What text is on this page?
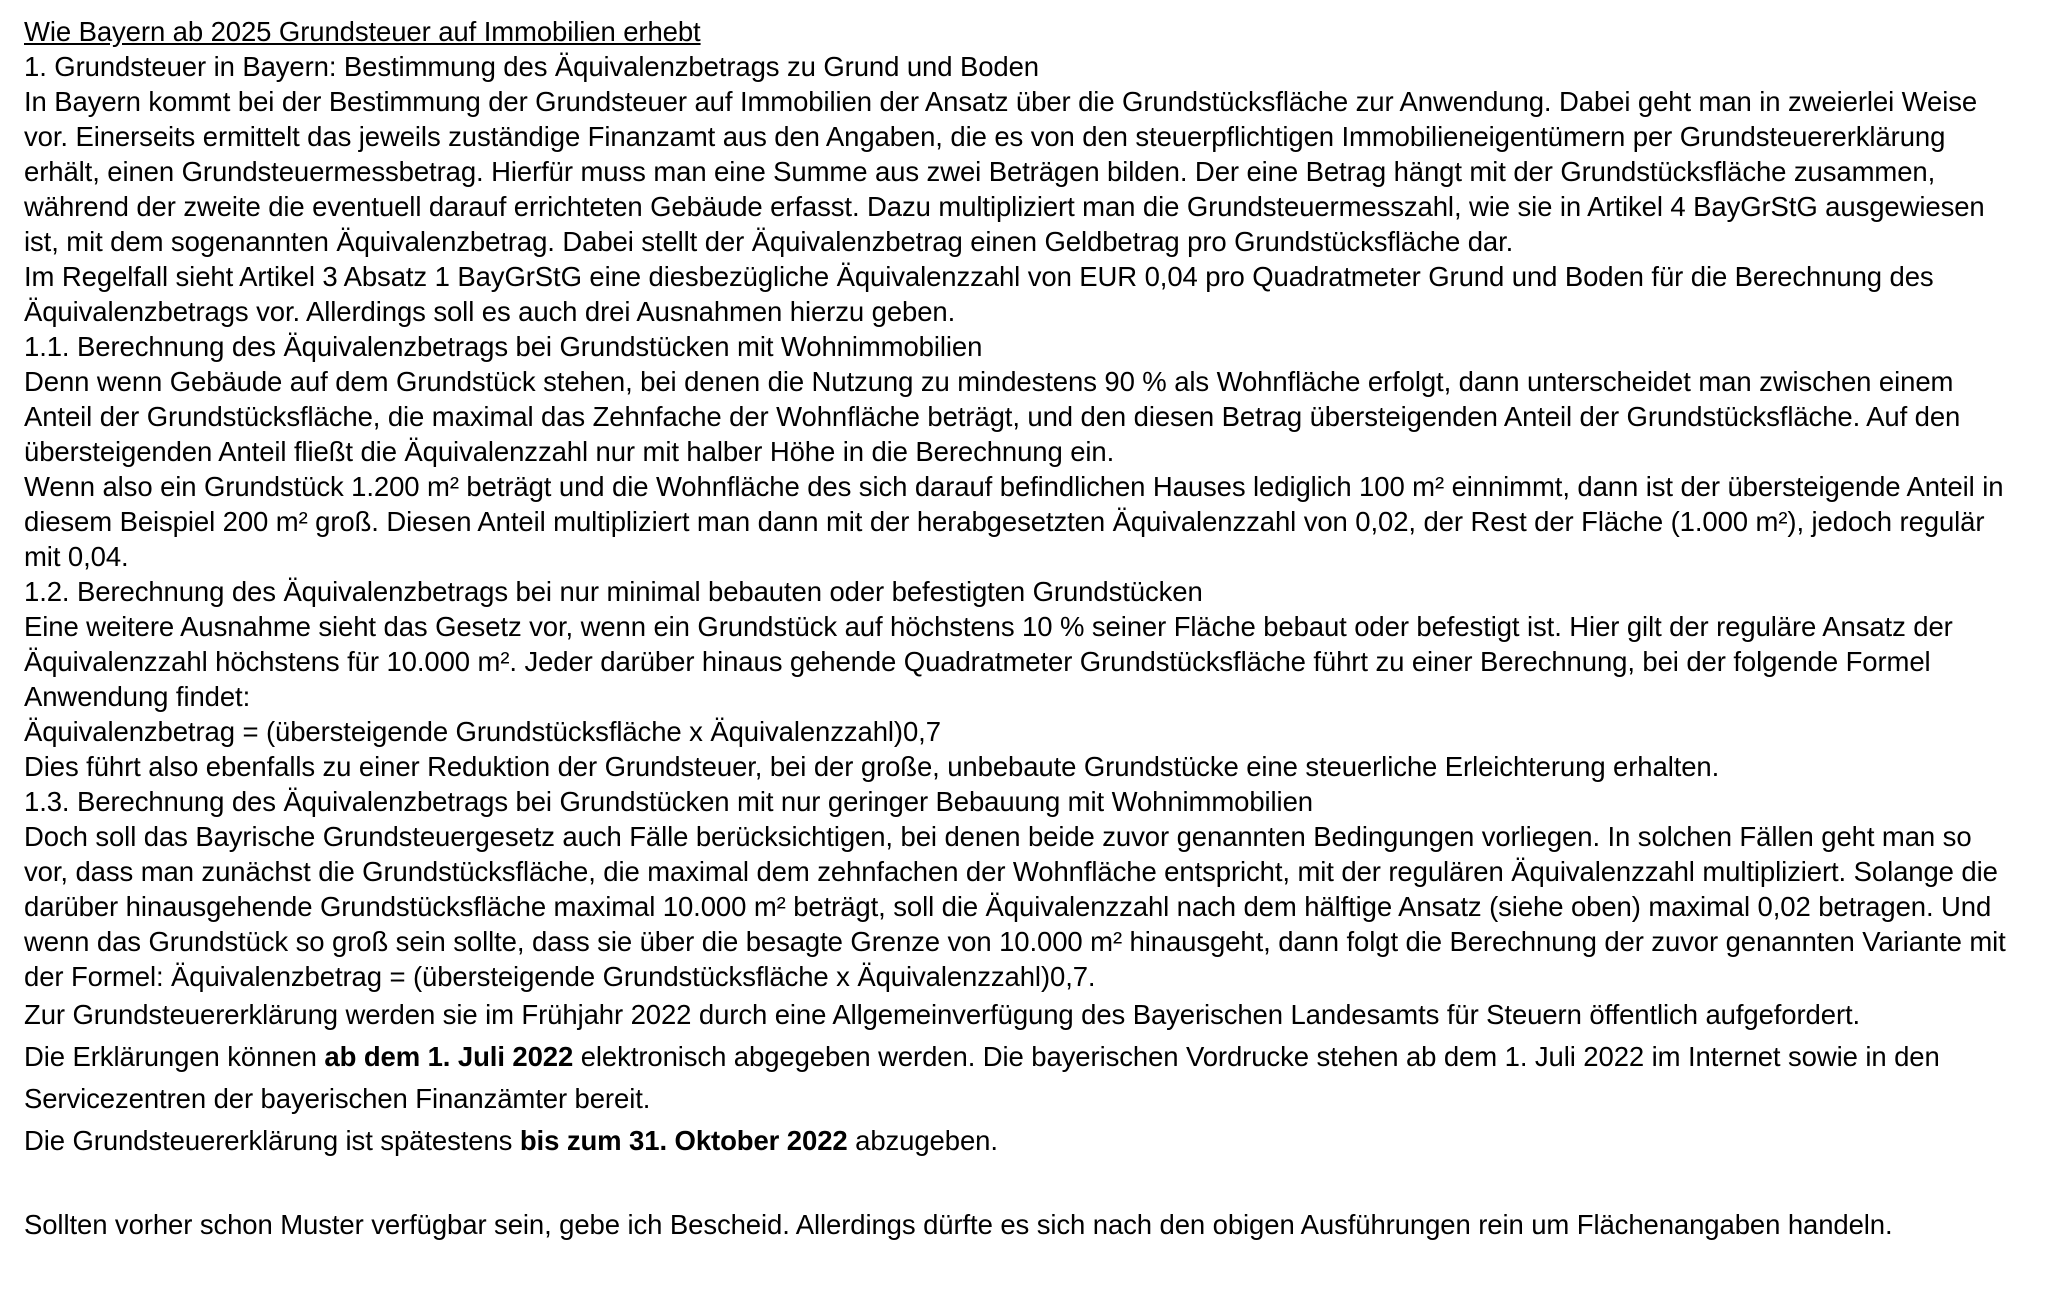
Wie Bayern ab 2025 Grundsteuer auf Immobilien erhebt

1. Grundsteuer in Bayern: Bestimmung des Äquivalenzbetrags zu Grund und Boden

In Bayern kommt bei der Bestimmung der Grundsteuer auf Immobilien der Ansatz über die Grundstücksfläche zur Anwendung. Dabei geht man in zweierlei Weise vor. Einerseits ermittelt das jeweils zuständige Finanzamt aus den Angaben, die es von den steuerpflichtigen Immobilieneigentümern per Grundsteuererklärung erhält, einen Grundsteuermessbetrag. Hierfür muss man eine Summe aus zwei Beträgen bilden. Der eine Betrag hängt mit der Grundstücksfläche zusammen, während der zweite die eventuell darauf errichteten Gebäude erfasst. Dazu multipliziert man die Grundsteuermesszahl, wie sie in Artikel 4 BayGrStG ausgewiesen ist, mit dem sogenannten Äquivalenzbetrag. Dabei stellt der Äquivalenzbetrag einen Geldbetrag pro Grundstücksfläche dar.

Im Regelfall sieht Artikel 3 Absatz 1 BayGrStG eine diesbezügliche Äquivalenzzahl von EUR 0,04 pro Quadratmeter Grund und Boden für die Berechnung des Äquivalenzbetrags vor. Allerdings soll es auch drei Ausnahmen hierzu geben.

1.1. Berechnung des Äquivalenzbetrags bei Grundstücken mit Wohnimmobilien

Denn wenn Gebäude auf dem Grundstück stehen, bei denen die Nutzung zu mindestens 90 % als Wohnfläche erfolgt, dann unterscheidet man zwischen einem Anteil der Grundstücksfläche, die maximal das Zehnfache der Wohnfläche beträgt, und den diesen Betrag übersteigenden Anteil der Grundstücksfläche. Auf den übersteigenden Anteil fließt die Äquivalenzzahl nur mit halber Höhe in die Berechnung ein.

Wenn also ein Grundstück 1.200 m² beträgt und die Wohnfläche des sich darauf befindlichen Hauses lediglich 100 m² einnimmt, dann ist der übersteigende Anteil in diesem Beispiel 200 m² groß. Diesen Anteil multipliziert man dann mit der herabgesetzten Äquivalenzzahl von 0,02, der Rest der Fläche (1.000 m²), jedoch regulär mit 0,04.

1.2. Berechnung des Äquivalenzbetrags bei nur minimal bebauten oder befestigten Grundstücken

Eine weitere Ausnahme sieht das Gesetz vor, wenn ein Grundstück auf höchstens 10 % seiner Fläche bebaut oder befestigt ist. Hier gilt der reguläre Ansatz der Äquivalenzzahl höchstens für 10.000 m². Jeder darüber hinaus gehende Quadratmeter Grundstücksfläche führt zu einer Berechnung, bei der folgende Formel Anwendung findet:

Äquivalenzbetrag = (übersteigende Grundstücksfläche x Äquivalenzzahl)0,7

Dies führt also ebenfalls zu einer Reduktion der Grundsteuer, bei der große, unbebaute Grundstücke eine steuerliche Erleichterung erhalten.

1.3. Berechnung des Äquivalenzbetrags bei Grundstücken mit nur geringer Bebauung mit Wohnimmobilien

Doch soll das Bayrische Grundsteuergesetz auch Fälle berücksichtigen, bei denen beide zuvor genannten Bedingungen vorliegen. In solchen Fällen geht man so vor, dass man zunächst die Grundstücksfläche, die maximal dem zehnfachen der Wohnfläche entspricht, mit der regulären Äquivalenzzahl multipliziert. Solange die darüber hinausgehende Grundstücksfläche maximal 10.000 m² beträgt, soll die Äquivalenzzahl nach dem hälftige Ansatz (siehe oben) maximal 0,02 betragen. Und wenn das Grundstück so groß sein sollte, dass sie über die besagte Grenze von 10.000 m² hinausgeht, dann folgt die Berechnung der zuvor genannten Variante mit der Formel: Äquivalenzbetrag = (übersteigende Grundstücksfläche x Äquivalenzzahl)0,7.

Zur Grundsteuererklärung werden sie im Frühjahr 2022 durch eine Allgemeinverfügung des Bayerischen Landesamts für Steuern öffentlich aufgefordert.

Die Erklärungen können ab dem 1. Juli 2022 elektronisch abgegeben werden. Die bayerischen Vordrucke stehen ab dem 1. Juli 2022 im Internet sowie in den Servicezentren der bayerischen Finanzämter bereit.

Die Grundsteuererklärung ist spätestens bis zum 31. Oktober 2022 abzugeben.

Sollten vorher schon Muster verfügbar sein, gebe ich Bescheid. Allerdings dürfte es sich nach den obigen Ausführungen rein um Flächenangaben handeln.
